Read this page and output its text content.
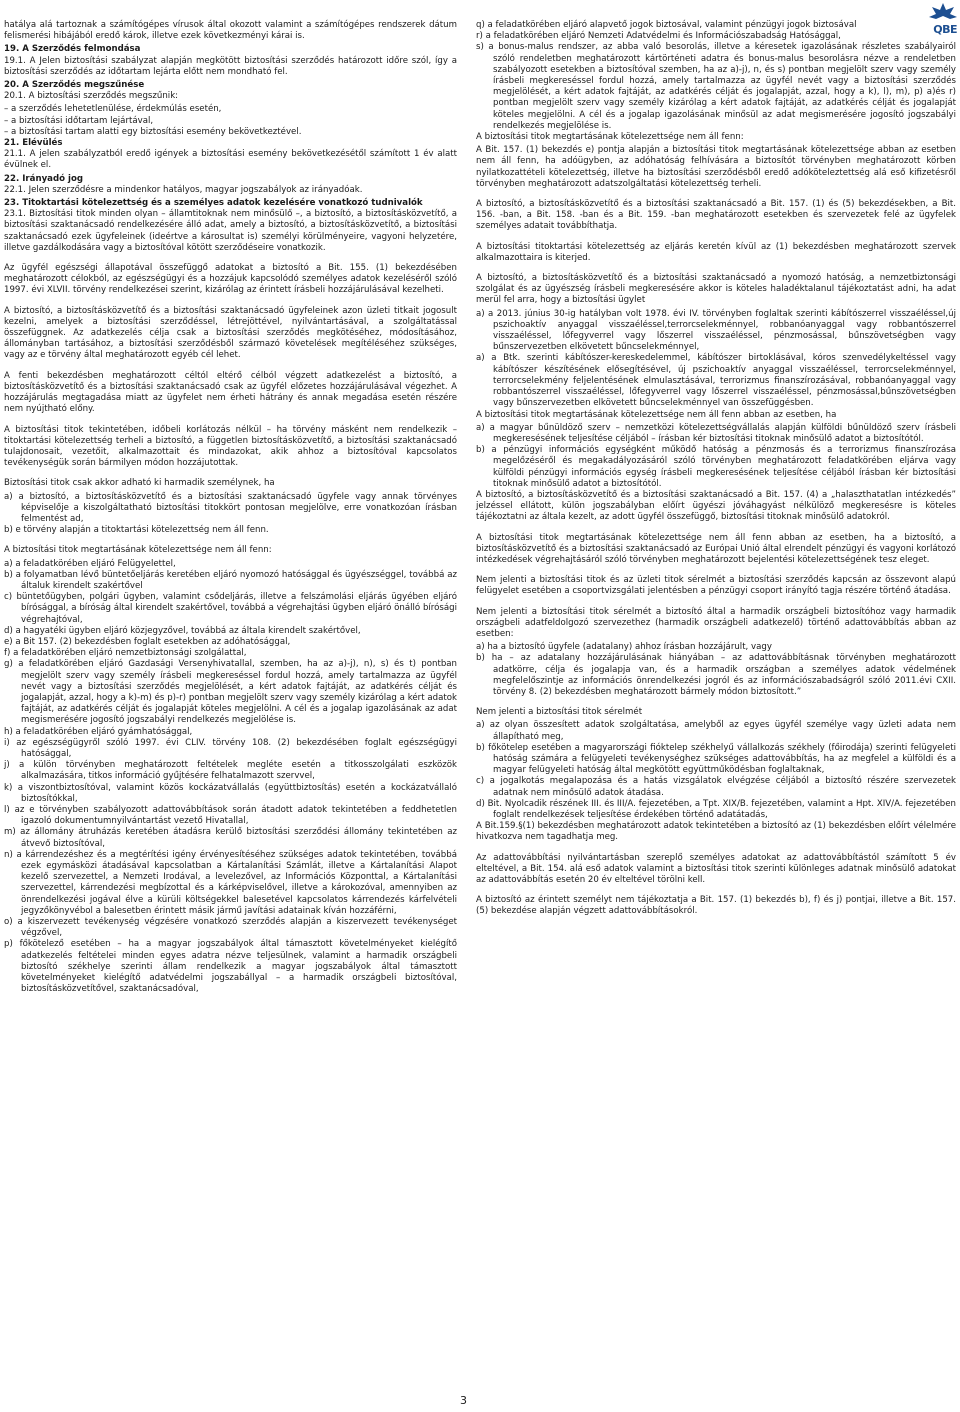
hatálya alá tartoznak a számítógépes vírusok által okozott valamint a számítógépes rendszerek dátum felismerési hibájából eredő károk, illetve ezek következményi kárai is.
19. A Szerződés felmondása
19.1. A Jelen biztosítási szabályzat alapján megkötött biztosítási szerződés határozott időre szól, így a biztosítási szerződés az időtartam lejárta előtt nem mondható fel.
20. A Szerződés megszűnése
20.1. A biztosítási szerződés megszűnik:
– a szerződés lehetetlenülése, érdekmúlás esetén,
– a biztosítási időtartam lejártával,
– a biztosítási tartam alatti egy biztosítási esemény bekövetkeztével.
21. Elévülés
21.1. A jelen szabályzatból eredő igények a biztosítási esemény bekövetkezésétől számított 1 év alatt évülnek el.
22. Irányadó jog
22.1. Jelen szerződésre a mindenkor hatályos, magyar jogszabályok az irányadóak.
23. Titoktartási kötelezettség és a személyes adatok kezelésére vonatkozó tudnivalók
23.1. Biztosítási titok minden olyan – államtitoknak nem minősülő –, a biztosító, a biztosításközvetítő, a biztosítási szaktanácsadó rendelkezésére álló adat, amely a biztosító, a biztosításközvetítő, a biztosítási szaktanácsadó ezek ügyfeleinek (ideértve a károsultat is) személyi körülményeire, vagyoni helyzetére, illetve gazdálkodására vagy a biztosítóval kötött szerződéseire vonatkozik.
Az ügyfél egészségi állapotával összefüggő adatokat a biztosító a Bit. 155. (1) bekezdésében meghatározott célokból, az egészségügyi és a hozzájuk kapcsolódó személyes adatok kezeléséről szóló 1997. évi XLVII. törvény rendelkezései szerint, kizárólag az érintett írásbeli hozzájárulásával kezelheti.
A biztosító, a biztosításközvetítő és a biztosítási szaktanácsadó ügyfeleinek azon üzleti titkait jogosult kezelni, amelyek a biztosítási szerződéssel, létrejöttével, nyilvántartásával, a szolgáltatással összefüggnek. Az adatkezelés célja csak a biztosítási szerződés megkötéséhez, módosításához, állományban tartásához, a biztosítási szerződésből származó követelések megítéléséhez szükséges, vagy az e törvény által meghatározott egyéb cél lehet.
A fenti bekezdésben meghatározott céltól eltérő célból végzett adatkezelést a biztosító, a biztosításközvetítő és a biztosítási szaktanácsadó csak az ügyfél előzetes hozzájárulásával végezhet. A hozzájárulás megtagadása miatt az ügyfelet nem érheti hátrány és annak megadása esetén részére nem nyújtható előny.
A biztosítási titok tekintetében, időbeli korlátozás nélkül – ha törvény másként nem rendelkezik – titoktartási kötelezettség terheli a biztosító, a független biztosításközvetítő, a biztosítási szaktanácsadó tulajdonosait, vezetőit, alkalmazottait és mindazokat, akik ahhoz a biztosítóval kapcsolatos tevékenységük során bármilyen módon hozzájutottak.
Biztosítási titok csak akkor adható ki harmadik személynek, ha
a) a biztosító, a biztosításközvetítő és a biztosítási szaktanácsadó ügyfele vagy annak törvényes képviselője a kiszolgáltatható biztosítási titokkört pontosan megjelölve, erre vonatkozóan írásban felmentést ad,
b) e törvény alapján a titoktartási kötelezettség nem áll fenn.
A biztosítási titok megtartásának kötelezettsége nem áll fenn:
a) a feladatkörében eljáró Felügyelettel,
b) a folyamatban lévő büntetőeljárás keretében eljáró nyomozó hatósággal és ügyészséggel, továbbá az általuk kirendelt szakértővel
c) büntetőügyben, polgári ügyben, valamint csődeljárás, illetve a felszámolási eljárás ügyében eljáró bírósággal, a bíróság által kirendelt szakértővel, továbbá a végrehajtási ügyben eljáró önálló bírósági végrehajtóval,
d) a hagyatéki ügyben eljáró közjegyzővel, továbbá az általa kirendelt szakértővel,
e) a Bit 157. (2) bekezdésben foglalt esetekben az adóhatósággal,
f) a feladatkörében eljáró nemzetbiztonsági szolgálattal,
g) a feladatkörében eljáró Gazdasági Versenyhivatallal, szemben, ha az a)-j), n), s) és t) pontban megjelölt szerv vagy személy írásbeli megkereséssel fordul hozzá, amely tartalmazza az ügyfél nevét vagy a biztosítási szerződés megjelölését, a kért adatok fajtáját, az adatkérés célját és jogalapját, azzal, hogy a k)-m) és p)-r) pontban megjelölt szerv vagy személy kizárólag a kért adatok fajtáját, az adatkérés célját és jogalapját köteles megjelölni. A cél és a jogalap igazolásának az adat megismerésére jogosító jogszabályi rendelkezés megjelölése is.
h) a feladatkörében eljáró gyámhatósággal,
i) az egészségügyről szóló 1997. évi CLIV. törvény 108. (2) bekezdésében foglalt egészségügyi hatósággal,
j) a külön törvényben meghatározott feltételek megléte esetén a titkosszolgálati eszközök alkalmazására, titkos információ gyűjtésére felhatalmazott szervvel,
k) a viszontbiztosítóval, valamint közös kockázatvállalás (együttbiztosítás) esetén a kockázatvállaló biztosítókkal,
l) az e törvényben szabályozott adattovábbítások során átadott adatok tekintetében a feddhetetlen igazoló dokumentumnyilvántartást vezető Hivatallal,
m) az állomány átruházás keretében átadásra kerülő biztosítási szerződési állomány tekintetében az átvevő biztosítóval,
n) a kárrendezéshez és a megtérítési igény érvényesítéséhez szükséges adatok tekintetében, továbbá ezek egymásközi átadásával kapcsolatban a Kártalanítási Számlát, illetve a Kártalanítási Alapot kezelő szervezettel, a Nemzeti Irodával, a levelezővel, az Információs Központtal, a Kártalanítási szervezettel, kárrendezési megbízottal és a kárképviselővel, illetve a károkozóval, amennyiben az önrendelkezési jogával élve a kürüli költségekkel balesetével kapcsolatos kárrendezés kárfelvételi jegyzőkönyvébol a balesetben érintett másik jármű javítási adatainak kíván hozzáférni,
o) a kiszervezett tevékenység végzésére vonatkozó szerződés alapján a kiszervezett tevékenységet végzővel,
p) főkötelező esetében – ha a magyar jogszabályok által támasztott követelményeket kielégítő adatkezelés feltételei minden egyes adatra nézve teljesülnek, valamint a harmadik országbeli biztosító székhelye szerinti állam rendelkezik a magyar jogszabályok által támasztott követelményeket kielégítő adatvédelmi jogszabállyal – a harmadik országbeli biztosítóval, biztosításközvetítővel, szaktanácsadóval,
q) a feladatkörében eljáró alapvető jogok biztosával, valamint pénzügyi jogok biztosával
r) a feladatkörében eljáró Nemzeti Adatvédelmi és Információszabadság Hatósággal,
s) a bonus-malus rendszer, az abba való besorolás, illetve a kéresetek igazolásának részletes szabályairól szóló rendeletben meghatározott kártörténeti adatra és bonus-malus besorolásra nézve a rendeletben szabályozott esetekben a biztosítóval szemben, ha az a)-j), n, és s) pontban megjelölt szerv vagy személy írásbeli megkereséssel fordul hozzá, amely tartalmazza az ügyfél nevét vagy a biztosítási szerződés megjelölését, a kért adatok fajtáját, az adatkérés célját és jogalapját, azzal, hogy a k), l), m), p) a)és r) pontban megjelölt szerv vagy személy kizárólag a kért adatok fajtáját, az adatkérés célját és jogalapját köteles megjelölni. A cél és a jogalap igazolásának minősül az adat megismerésére jogosító jogszabályi rendelkezés megjelölése is.
A biztosítási titok megtartásának kötelezettsége nem áll fenn:
A Bit. 157. (1) bekezdés e) pontja alapján a biztosítási titok megtartásának kötelezettsége abban az esetben nem áll fenn, ha adóügyben, az adóhatóság felhívására a biztosítót törvényben meghatározott körben nyilatkozattételi kötelezettség, illetve ha biztosítási szerződésből eredő adóköteleztettség alá eső kifizetésről törvényben meghatározott adatszolgáltatási kötelezettség terheli.
A biztosító, a biztosításközvetítő és a biztosítási szaktanácsadó a Bit. 157. (1) és (5) bekezdésekben, a Bit. 156. -ban, a Bit. 158. -ban és a Bit. 159. -ban meghatározott esetekben és szervezetek felé az ügyfelek személyes adatait továbbíthatja.
A biztosítási titoktartási kötelezettség az eljárás keretén kívül az (1) bekezdésben meghatározott szervek alkalmazottaira is kiterjed.
A biztosító, a biztosításközvetítő és a biztosítási szaktanácsadó a nyomozó hatóság, a nemzetbiztonsági szolgálat és az ügyészség írásbeli megkeresésére akkor is köteles haladéktalanul tájékoztatást adni, ha adat merül fel arra, hogy a biztosítási ügylet
a) a 2013. június 30-ig hatályban volt 1978. évi IV. törvényben foglaltak szerinti kábítószerrel visszaéléssel,új pszichoaktív anyaggal visszaéléssel,terrorcselekménnyel, robbanóanyaggal vagy robbantószerrel visszaéléssel, lőfegyverrel vagy lőszerrel visszaéléssel, pénzmosással, bűnszövetségben vagy bűnszervezetben elkövetett bűncselekménnyel,
a) a Btk. szerinti kábítószer-kereskedelemmel, kábítószer birtoklásával, kóros szenvedélykeltéssel vagy kábítószer készítésének elősegítésével, új pszichoaktív anyaggal visszaéléssel, terrorcselekménnyel, terrorcselekmény feljelentésének elmulasztásával, terrorizmus finanszírozásával, robbanóanyaggal vagy robbantószerrel visszaéléssel, lőfegyverrel vagy lőszerrel visszaéléssel, pénzmosással,bűnszövetségben vagy bűnszervezetben elkövetett bűncselekménnyel van összefüggésben.
A biztosítási titok megtartásának kötelezettsége nem áll fenn abban az esetben, ha
a) a magyar bűnüldöző szerv – nemzetközi kötelezettségvállalás alapján külföldi bűnüldöző szerv írásbeli megkeresésének teljesítése céljából – írásban kér biztosítási titoknak minősülő adatot a biztosítótól.
b) a pénzügyi információs egységként működő hatóság a pénzmosás és a terrorizmus finanszírozása megelőzéséről és megakadályozásáról szóló törvényben meghatározott feladatkörében eljárva vagy külföldi pénzügyi információs egység írásbeli megkeresésének teljesítése céljából írásban kér biztosítási titoknak minősülő adatot a biztosítótól.
A biztosító, a biztosításközvetítő és a biztosítási szaktanácsadó a Bit. 157. (4) a „halaszthatatlan intézkedés” jelzéssel ellátott, külön jogszabályban előírt ügyészi jóváhagyást nélkülöző megkeresésre is köteles tájékoztatni az általa kezelt, az adott ügyfél összefüggő, biztosítási titoknak minősülő adatokról.
A biztosítási titok megtartásának kötelezettsége nem áll fenn abban az esetben, ha a biztosító, a biztosításközvetítő és a biztosítási szaktanácsadó az Európai Unió által elrendelt pénzügyi és vagyoni korlátozó intézkedések végrehajtásáról szóló törvényben meghatározott bejelentési kötelezettségének tesz eleget.
Nem jelenti a biztosítási titok és az üzleti titok sérelmét a biztosítási szerződés kapcsán az összevont alapú felügyelet esetében a csoportvizsgálati jelentésben a pénzügyi csoport irányító tagja részére történő átadása.
Nem jelenti a biztosítási titok sérelmét a biztosító által a harmadik országbeli biztosítóhoz vagy harmadik országbeli adatfeldolgozó szervezethez (harmadik országbeli adatkezelő) történő adattovábbítás abban az esetben:
a) ha a biztosító ügyfele (adatalany) ahhoz írásban hozzájárult, vagy
b) ha – az adatalany hozzájárulásának hiányában – az adattovábbításnak törvényben meghatározott adatkörre, célja és jogalapja van, és a harmadik országban a személyes adatok védelmének megfelelőszintje az információs önrendelkezési jogról és az információszabadságról szóló 2011.évi CXII. törvény 8. (2) bekezdésben meghatározott bármely módon biztosított.”
Nem jelenti a biztosítási titok sérelmét
a) az olyan összesített adatok szolgáltatása, amelyből az egyes ügyfél személye vagy üzleti adata nem állapítható meg,
b) főkötelep esetében a magyarországi fióktelep székhelyű vállalkozás székhely (főirodája) szerinti felügyeleti hatóság számára a felügyeleti tevékenységhez szükséges adattovábbítás, ha az megfelel a külföldi és a magyar felügyeleti hatóság által megkötött együttműködésban foglaltaknak,
c) a jogalkotás megalapozása és a hatás vizsgálatok elvégzése céljából a biztosító részére szervezetek adatnak nem minősülő adatok átadása.
d) Bit. Nyolcadik részének III. és III/A. fejezetében, a Tpt. XIX/B. fejezetében, valamint a Hpt. XIV/A. fejezetében foglalt rendelkezések teljesítése érdekében történő adatátadás,
A Bit.159.§(1) bekezdésben meghatározott adatok tekintetében a biztosító az (1) bekezdésben előírt vélelmére hivatkozva nem tagadhatja meg.
Az adattovábbítási nyilvántartásban szereplő személyes adatokat az adattovábbítástól számított 5 év elteltével, a Bit. 154. alá eső adatok valamint a biztosítási titok szerinti különleges adatnak minősülő adatokat az adattovábbítás esetén 20 év elteltével törölni kell.
A biztosító az érintett személyt nem tájékoztatja a Bit. 157. (1) bekezdés b), f) és j) pontjai, illetve a Bit. 157. (5) bekezdése alapján végzett adattovábbításokról.
QBE
3
